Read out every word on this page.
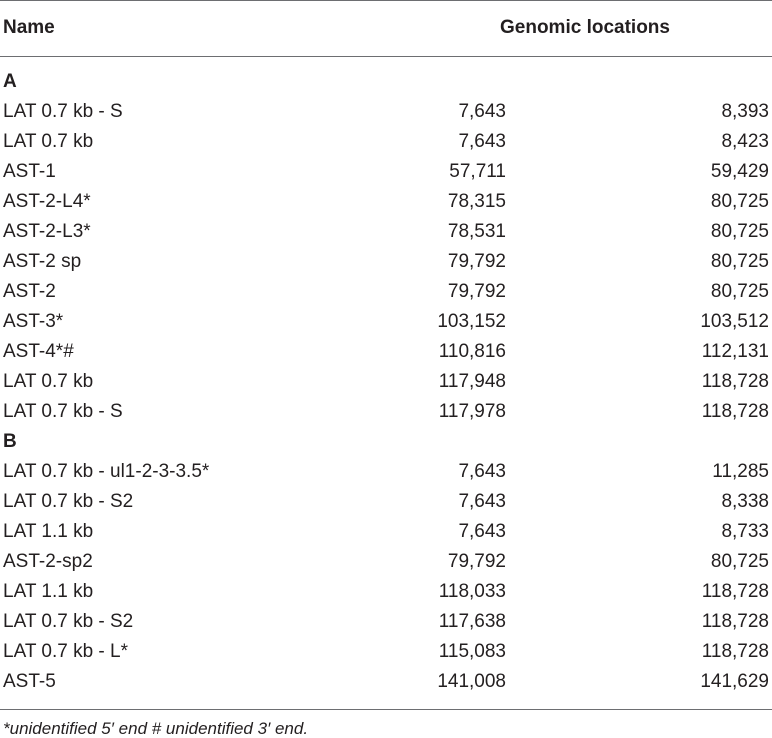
Name	Genomic locations
A
LAT 0.7 kb - S	7,643	8,393
LAT 0.7 kb	7,643	8,423
AST-1	57,711	59,429
AST-2-L4*	78,315	80,725
AST-2-L3*	78,531	80,725
AST-2 sp	79,792	80,725
AST-2	79,792	80,725
AST-3*	103,152	103,512
AST-4*#	110,816	112,131
LAT 0.7 kb	117,948	118,728
LAT 0.7 kb - S	117,978	118,728
B
LAT 0.7 kb - ul1-2-3-3.5*	7,643	11,285
LAT 0.7 kb - S2	7,643	8,338
LAT 1.1 kb	7,643	8,733
AST-2-sp2	79,792	80,725
LAT 1.1 kb	118,033	118,728
LAT 0.7 kb - S2	117,638	118,728
LAT 0.7 kb - L*	115,083	118,728
AST-5	141,008	141,629
*unidentified 5′ end # unidentified 3′ end.
